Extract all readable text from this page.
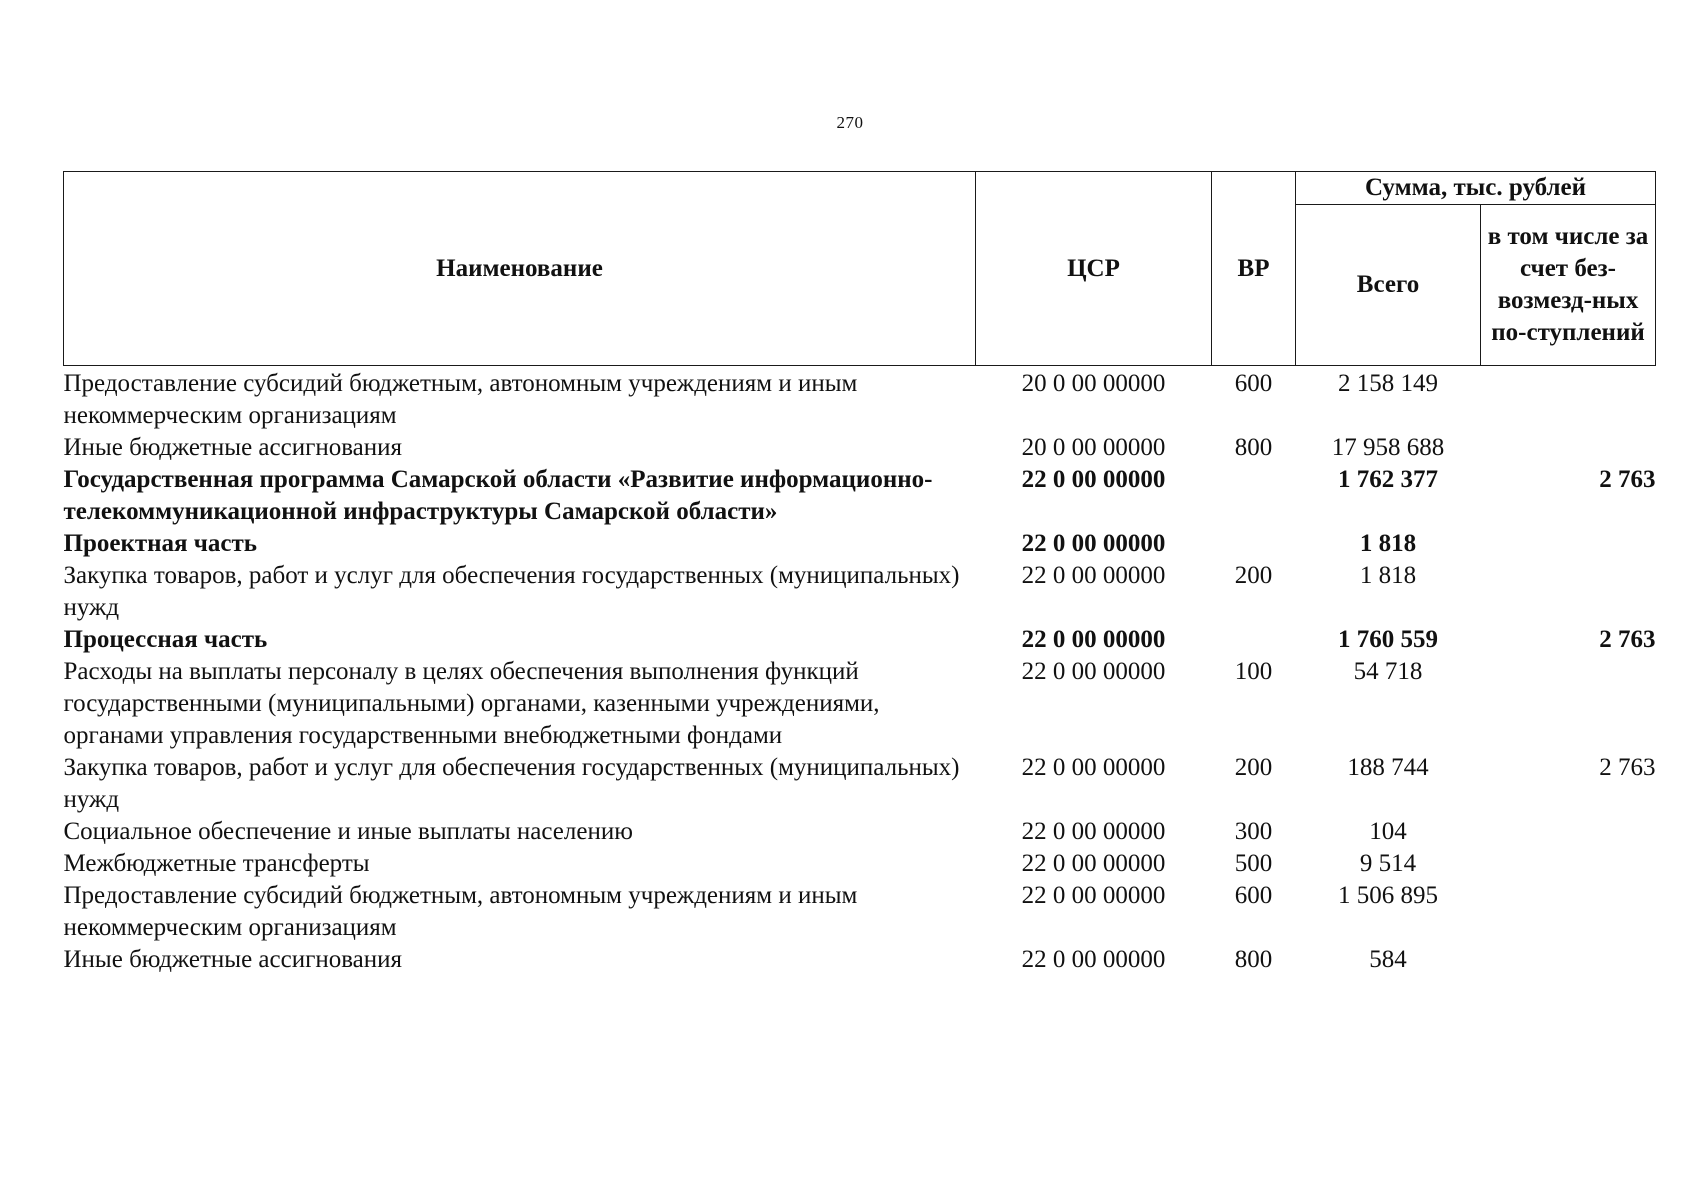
270
Наименование	ЦСР	ВР	Сумма, тыс. рублей	
			Всего	в том числе за счет без-возмезд-ных по-ступлений
Предоставление субсидий бюджетным, автономным учреждениям и иным некоммерческим организациям	20 0 00 00000	600	2 158 149	
Иные бюджетные ассигнования	20 0 00 00000	800	17 958 688	
Государственная программа Самарской области «Развитие информационно-телекоммуникационной инфраструктуры Самарской области»	22 0 00 00000		1 762 377	2 763
Проектная часть	22 0 00 00000		1 818	
Закупка товаров, работ и услуг для обеспечения государственных (муниципальных) нужд	22 0 00 00000	200	1 818	
Процессная часть	22 0 00 00000		1 760 559	2 763
Расходы на выплаты персоналу в целях обеспечения выполнения функций государственными (муниципальными) органами, казенными учреждениями, органами управления государственными внебюджетными фондами	22 0 00 00000	100	54 718	
Закупка товаров, работ и услуг для обеспечения государственных (муниципальных) нужд	22 0 00 00000	200	188 744	2 763
Социальное обеспечение и иные выплаты населению	22 0 00 00000	300	104	
Межбюджетные трансферты	22 0 00 00000	500	9 514	
Предоставление субсидий бюджетным, автономным учреждениям и иным некоммерческим организациям	22 0 00 00000	600	1 506 895	
Иные бюджетные ассигнования	22 0 00 00000	800	584	
